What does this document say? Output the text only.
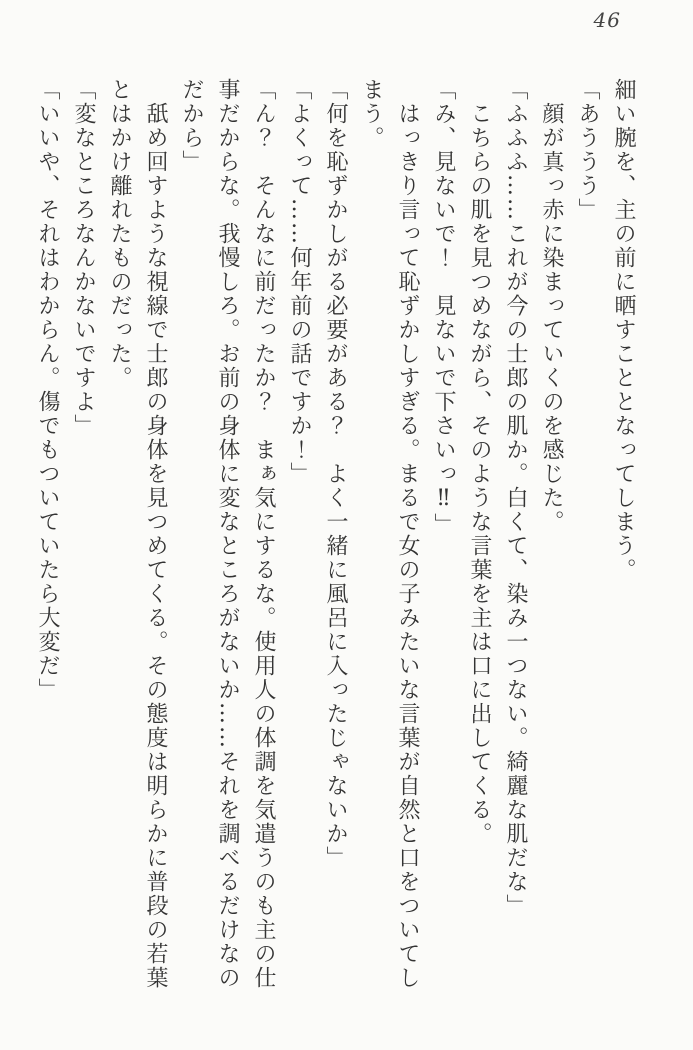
46

細い腕を、主の前に晒すこととなってしまう。

「あううう」

顔が真っ赤に染まっていくのを感じた。

「ふふふ……これが今の士郎の肌か。白くて、染み一つない。綺麗な肌だな」

こちらの肌を見つめながら、そのような言葉を主は口に出してくる。

「み、見ないで！　見ないで下さいっ‼」

はっきり言って恥ずかしすぎる。まるで女の子みたいな言葉が自然と口をついてしまう。

「何を恥ずかしがる必要がある？　よく一緒に風呂に入ったじゃないか」

「よくって……何年前の話ですか！」

「ん？　そんなに前だったか？　まぁ気にするな。使用人の体調を気遣うのも主の仕事だからな。我慢しろ。お前の身体に変なところがないか……それを調べるだけなのだから」

舐め回すような視線で士郎の身体を見つめてくる。その態度は明らかに普段の若葉とはかけ離れたものだった。

「変なところなんかないですよ」

「いいや、それはわからん。傷でもついていたら大変だ」
